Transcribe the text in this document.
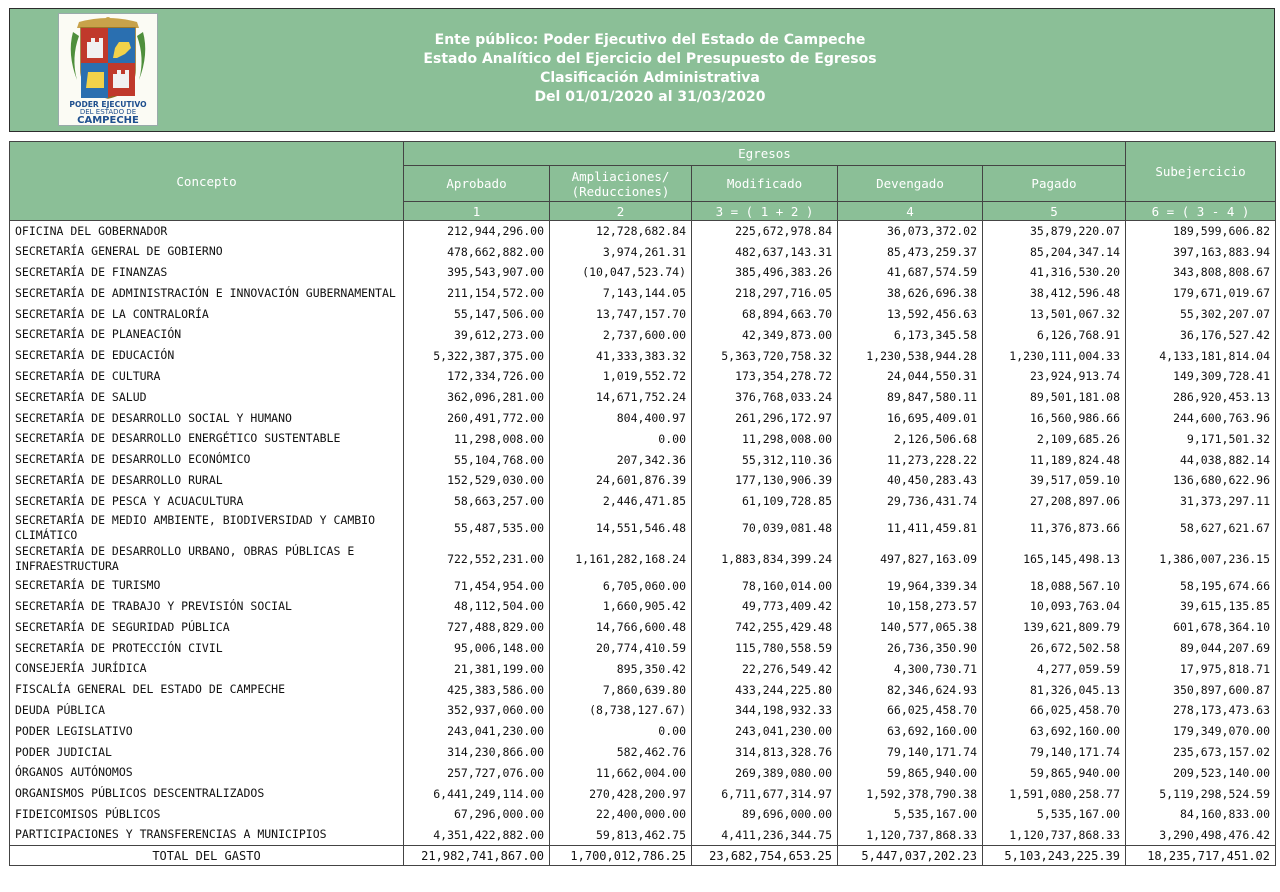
PODER EJECUTIVO
DEL ESTADO DE
CAMPECHE
Ente público: Poder Ejecutivo del Estado de Campeche
Estado Analítico del Ejercicio del Presupuesto de Egresos
Clasificación Administrativa
Del 01/01/2020 al 31/03/2020
Concepto	Egresos					Subejercicio
	Aprobado	Ampliaciones/ (Reducciones)	Modificado	Devengado	Pagado	
	1	2	3 = ( 1 + 2 )	4	5	6 = ( 3 - 4 )
OFICINA DEL GOBERNADOR	212,944,296.00	12,728,682.84	225,672,978.84	36,073,372.02	35,879,220.07	189,599,606.82
SECRETARÍA GENERAL DE GOBIERNO	478,662,882.00	3,974,261.31	482,637,143.31	85,473,259.37	85,204,347.14	397,163,883.94
SECRETARÍA DE FINANZAS	395,543,907.00	(10,047,523.74)	385,496,383.26	41,687,574.59	41,316,530.20	343,808,808.67
SECRETARÍA DE ADMINISTRACIÓN E INNOVACIÓN GUBERNAMENTAL	211,154,572.00	7,143,144.05	218,297,716.05	38,626,696.38	38,412,596.48	179,671,019.67
SECRETARÍA DE LA CONTRALORÍA	55,147,506.00	13,747,157.70	68,894,663.70	13,592,456.63	13,501,067.32	55,302,207.07
SECRETARÍA DE PLANEACIÓN	39,612,273.00	2,737,600.00	42,349,873.00	6,173,345.58	6,126,768.91	36,176,527.42
SECRETARÍA DE EDUCACIÓN	5,322,387,375.00	41,333,383.32	5,363,720,758.32	1,230,538,944.28	1,230,111,004.33	4,133,181,814.04
SECRETARÍA DE CULTURA	172,334,726.00	1,019,552.72	173,354,278.72	24,044,550.31	23,924,913.74	149,309,728.41
SECRETARÍA DE SALUD	362,096,281.00	14,671,752.24	376,768,033.24	89,847,580.11	89,501,181.08	286,920,453.13
SECRETARÍA DE DESARROLLO SOCIAL Y HUMANO	260,491,772.00	804,400.97	261,296,172.97	16,695,409.01	16,560,986.66	244,600,763.96
SECRETARÍA DE DESARROLLO ENERGÉTICO SUSTENTABLE	11,298,008.00	0.00	11,298,008.00	2,126,506.68	2,109,685.26	9,171,501.32
SECRETARÍA DE DESARROLLO ECONÓMICO	55,104,768.00	207,342.36	55,312,110.36	11,273,228.22	11,189,824.48	44,038,882.14
SECRETARÍA DE DESARROLLO RURAL	152,529,030.00	24,601,876.39	177,130,906.39	40,450,283.43	39,517,059.10	136,680,622.96
SECRETARÍA DE PESCA Y ACUACULTURA	58,663,257.00	2,446,471.85	61,109,728.85	29,736,431.74	27,208,897.06	31,373,297.11
SECRETARÍA DE MEDIO AMBIENTE, BIODIVERSIDAD Y CAMBIO CLIMÁTICO	55,487,535.00	14,551,546.48	70,039,081.48	11,411,459.81	11,376,873.66	58,627,621.67
SECRETARÍA DE DESARROLLO URBANO, OBRAS PÚBLICAS E INFRAESTRUCTURA	722,552,231.00	1,161,282,168.24	1,883,834,399.24	497,827,163.09	165,145,498.13	1,386,007,236.15
SECRETARÍA DE TURISMO	71,454,954.00	6,705,060.00	78,160,014.00	19,964,339.34	18,088,567.10	58,195,674.66
SECRETARÍA DE TRABAJO Y PREVISIÓN SOCIAL	48,112,504.00	1,660,905.42	49,773,409.42	10,158,273.57	10,093,763.04	39,615,135.85
SECRETARÍA DE SEGURIDAD PÚBLICA	727,488,829.00	14,766,600.48	742,255,429.48	140,577,065.38	139,621,809.79	601,678,364.10
SECRETARÍA DE PROTECCIÓN CIVIL	95,006,148.00	20,774,410.59	115,780,558.59	26,736,350.90	26,672,502.58	89,044,207.69
CONSEJERÍA JURÍDICA	21,381,199.00	895,350.42	22,276,549.42	4,300,730.71	4,277,059.59	17,975,818.71
FISCALÍA GENERAL DEL ESTADO DE CAMPECHE	425,383,586.00	7,860,639.80	433,244,225.80	82,346,624.93	81,326,045.13	350,897,600.87
DEUDA PÚBLICA	352,937,060.00	(8,738,127.67)	344,198,932.33	66,025,458.70	66,025,458.70	278,173,473.63
PODER LEGISLATIVO	243,041,230.00	0.00	243,041,230.00	63,692,160.00	63,692,160.00	179,349,070.00
PODER JUDICIAL	314,230,866.00	582,462.76	314,813,328.76	79,140,171.74	79,140,171.74	235,673,157.02
ÓRGANOS AUTÓNOMOS	257,727,076.00	11,662,004.00	269,389,080.00	59,865,940.00	59,865,940.00	209,523,140.00
ORGANISMOS PÚBLICOS DESCENTRALIZADOS	6,441,249,114.00	270,428,200.97	6,711,677,314.97	1,592,378,790.38	1,591,080,258.77	5,119,298,524.59
FIDEICOMISOS PÚBLICOS	67,296,000.00	22,400,000.00	89,696,000.00	5,535,167.00	5,535,167.00	84,160,833.00
PARTICIPACIONES Y TRANSFERENCIAS A MUNICIPIOS	4,351,422,882.00	59,813,462.75	4,411,236,344.75	1,120,737,868.33	1,120,737,868.33	3,290,498,476.42
TOTAL DEL GASTO	21,982,741,867.00	1,700,012,786.25	23,682,754,653.25	5,447,037,202.23	5,103,243,225.39	18,235,717,451.02
